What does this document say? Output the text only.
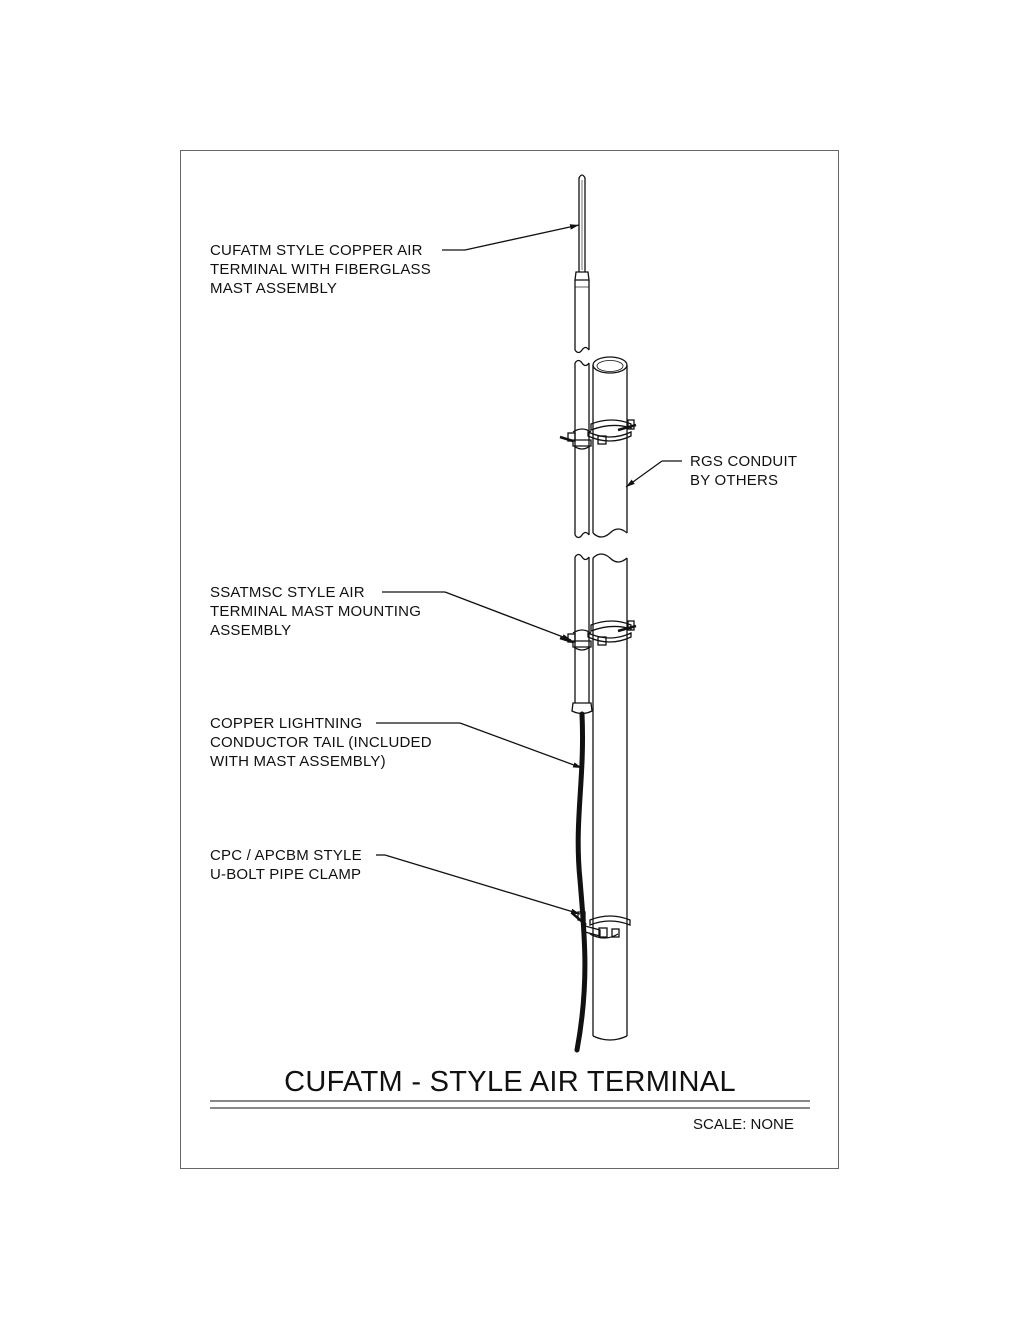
CUFATM STYLE COPPER AIR
TERMINAL WITH FIBERGLASS
MAST ASSEMBLY
RGS CONDUIT
BY OTHERS
SSATMSC STYLE AIR
TERMINAL MAST MOUNTING
ASSEMBLY
COPPER LIGHTNING
CONDUCTOR TAIL (INCLUDED
WITH MAST ASSEMBLY)
CPC / APCBM STYLE
U-BOLT PIPE CLAMP
CUFATM - STYLE AIR TERMINAL
SCALE: NONE
